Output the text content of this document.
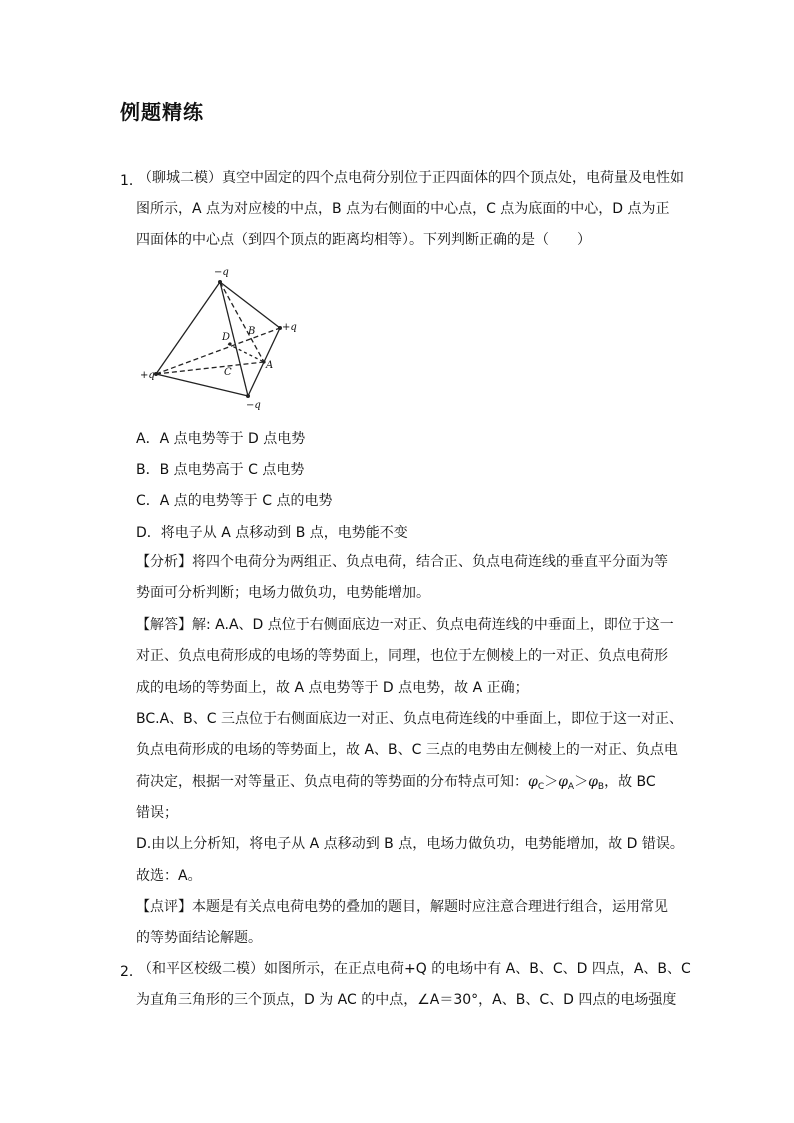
例题精练
1．
（聊城二模）真空中固定的四个点电荷分别位于正四面体的四个顶点处，电荷量及电性如
图所示，A 点为对应棱的中点，B 点为右侧面的中心点，C 点为底面的中心，D 点为正
四面体的中心点（到四个顶点的距离均相等）。下列判断正确的是（　　）
−q
+q
+q
−q
A
B
C
D
A．A 点电势等于 D 点电势
B．B 点电势高于 C 点电势
C．A 点的电势等于 C 点的电势
D．将电子从 A 点移动到 B 点，电势能不变
【分析】将四个电荷分为两组正、负点电荷，结合正、负点电荷连线的垂直平分面为等
势面可分析判断；电场力做负功，电势能增加。
【解答】解: A.A、D 点位于右侧面底边一对正、负点电荷连线的中垂面上，即位于这一
对正、负点电荷形成的电场的等势面上，同理，也位于左侧棱上的一对正、负点电荷形
成的电场的等势面上，故 A 点电势等于 D 点电势，故 A 正确；
BC.A、B、C 三点位于右侧面底边一对正、负点电荷连线的中垂面上，即位于这一对正、
负点电荷形成的电场的等势面上，故 A、B、C 三点的电势由左侧棱上的一对正、负点电
荷决定，根据一对等量正、负点电荷的等势面的分布特点可知：$\varphi_C>\varphi_A>\varphi_B$，故 BC
错误；
D.由以上分析知，将电子从 A 点移动到 B 点，电场力做负功，电势能增加，故 D 错误。
故选：A。
【点评】本题是有关点电荷电势的叠加的题目，解题时应注意合理进行组合，运用常见
的等势面结论解题。
2．
（和平区校级二模）如图所示，在正点电荷+Q 的电场中有 A、B、C、D 四点，A、B、C
为直角三角形的三个顶点，D 为 AC 的中点，∠A＝30°，A、B、C、D 四点的电场强度
